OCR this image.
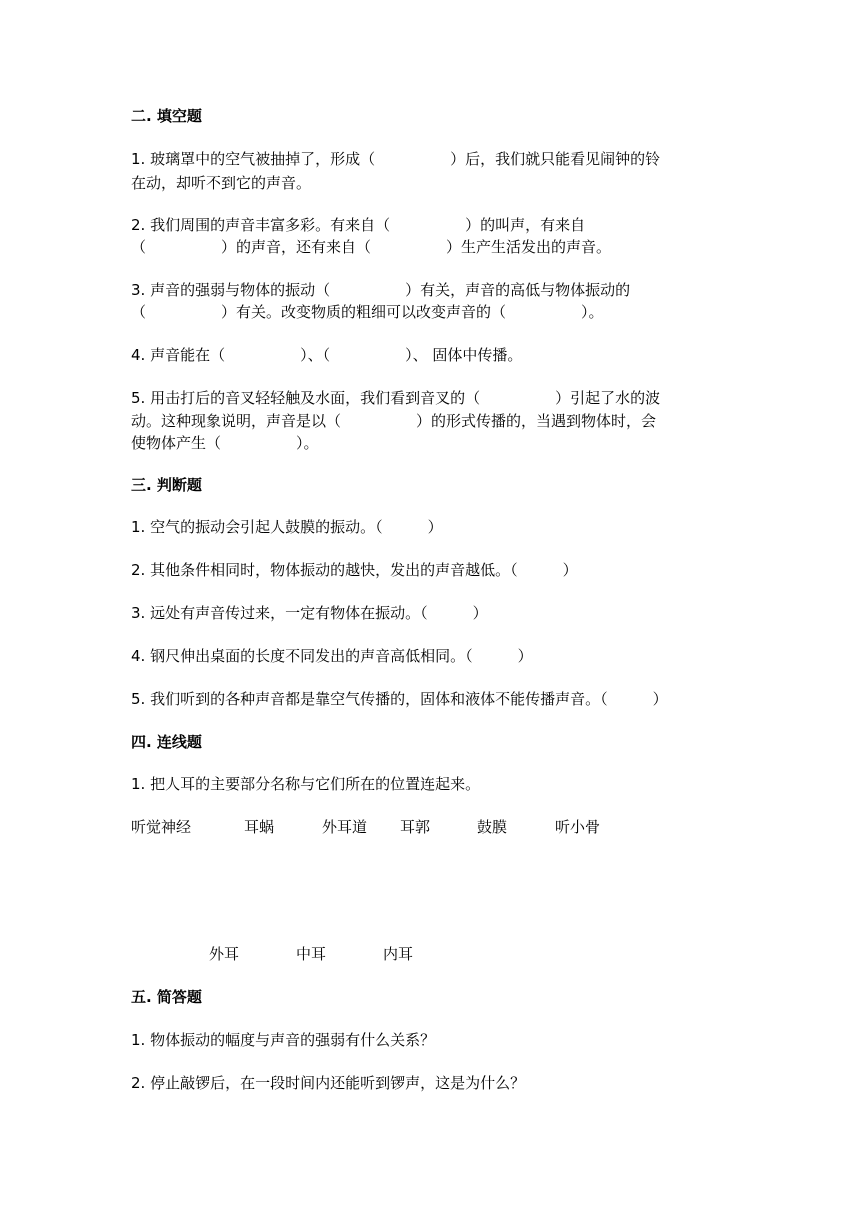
二. 填空题
1. 玻璃罩中的空气被抽掉了，形成（　　　　　）后，我们就只能看见闹钟的铃
在动，却听不到它的声音。
2. 我们周围的声音丰富多彩。有来自（　　　　　）的叫声，有来自
（　　　　　）的声音，还有来自（　　　　　）生产生活发出的声音。
3. 声音的强弱与物体的振动（　　　　　）有关，声音的高低与物体振动的
（　　　　　）有关。改变物质的粗细可以改变声音的（　　　　　）。
4. 声音能在（　　　　　）、（　　　　　）、 固体中传播。
5. 用击打后的音叉轻轻触及水面，我们看到音叉的（　　　　　）引起了水的波
动。这种现象说明，声音是以（　　　　　）的形式传播的，当遇到物体时，会
使物体产生（　　　　　）。
三. 判断题
1. 空气的振动会引起人鼓膜的振动。（　　　）
2. 其他条件相同时，物体振动的越快，发出的声音越低。（　　　）
3. 远处有声音传过来，一定有物体在振动。（　　　）
4. 钢尺伸出桌面的长度不同发出的声音高低相同。（　　　）
5. 我们听到的各种声音都是靠空气传播的，固体和液体不能传播声音。（　　　）
四. 连线题
1. 把人耳的主要部分名称与它们所在的位置连起来。
听觉神经	耳蜗	外耳道 耳郭	鼓膜	听小骨
外耳	中耳	内耳
五. 简答题
1. 物体振动的幅度与声音的强弱有什么关系？
2. 停止敲锣后，在一段时间内还能听到锣声，这是为什么？
